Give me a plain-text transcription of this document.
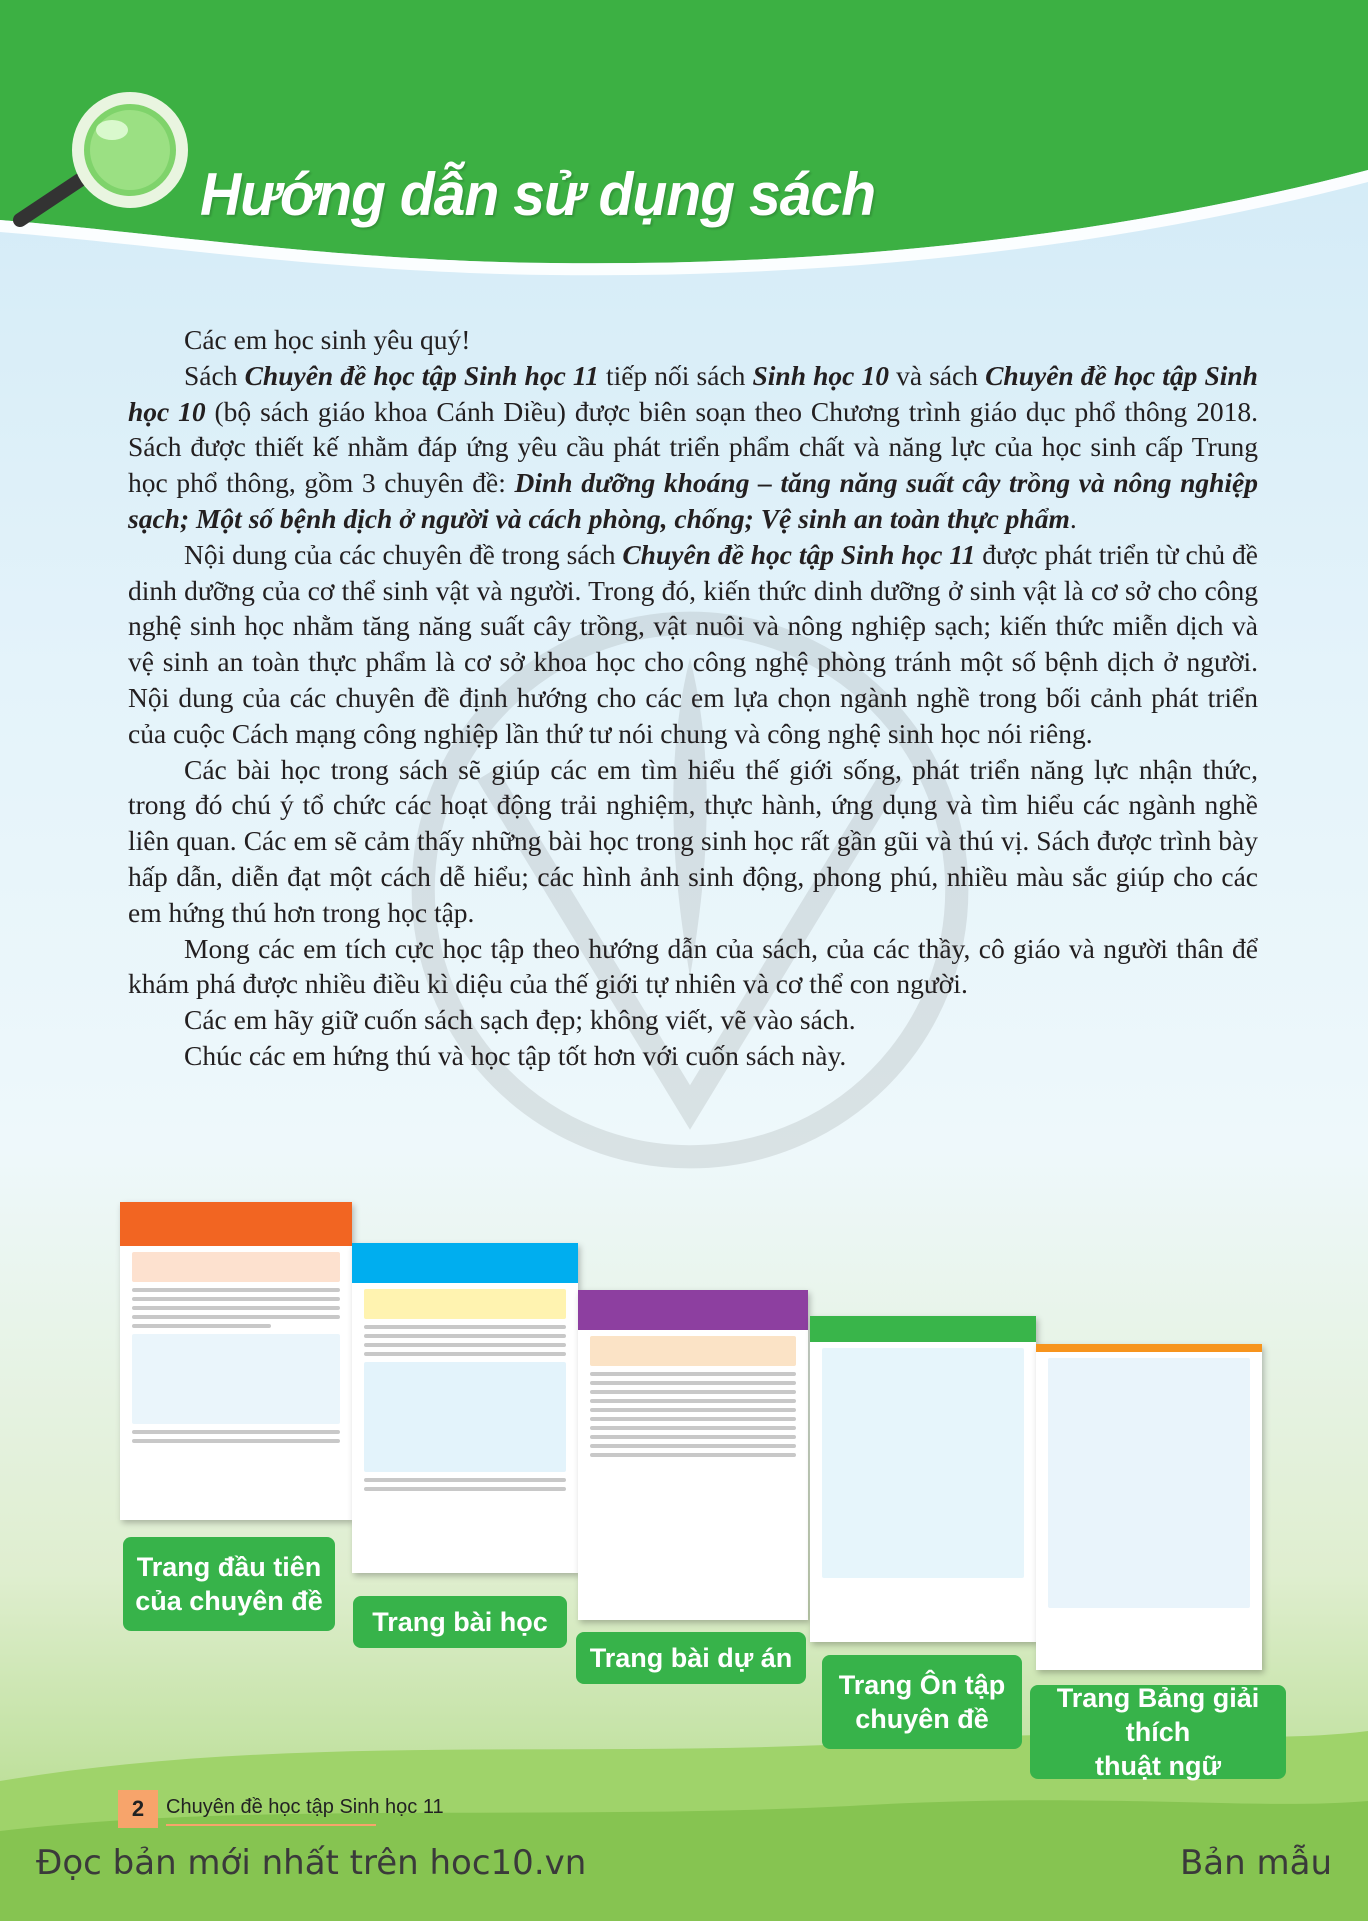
Hướng dẫn sử dụng sách

Các em học sinh yêu quý!

Sách Chuyên đề học tập Sinh học 11 tiếp nối sách Sinh học 10 và sách Chuyên đề học tập Sinh học 10 (bộ sách giáo khoa Cánh Diều) được biên soạn theo Chương trình giáo dục phổ thông 2018. Sách được thiết kế nhằm đáp ứng yêu cầu phát triển phẩm chất và năng lực của học sinh cấp Trung học phổ thông, gồm 3 chuyên đề: Dinh dưỡng khoáng – tăng năng suất cây trồng và nông nghiệp sạch; Một số bệnh dịch ở người và cách phòng, chống; Vệ sinh an toàn thực phẩm.

Nội dung của các chuyên đề trong sách Chuyên đề học tập Sinh học 11 được phát triển từ chủ đề dinh dưỡng của cơ thể sinh vật và người. Trong đó, kiến thức dinh dưỡng ở sinh vật là cơ sở cho công nghệ sinh học nhằm tăng năng suất cây trồng, vật nuôi và nông nghiệp sạch; kiến thức miễn dịch và vệ sinh an toàn thực phẩm là cơ sở khoa học cho công nghệ phòng tránh một số bệnh dịch ở người. Nội dung của các chuyên đề định hướng cho các em lựa chọn ngành nghề trong bối cảnh phát triển của cuộc Cách mạng công nghiệp lần thứ tư nói chung và công nghệ sinh học nói riêng.

Các bài học trong sách sẽ giúp các em tìm hiểu thế giới sống, phát triển năng lực nhận thức, trong đó chú ý tổ chức các hoạt động trải nghiệm, thực hành, ứng dụng và tìm hiểu các ngành nghề liên quan. Các em sẽ cảm thấy những bài học trong sinh học rất gần gũi và thú vị. Sách được trình bày hấp dẫn, diễn đạt một cách dễ hiểu; các hình ảnh sinh động, phong phú, nhiều màu sắc giúp cho các em hứng thú hơn trong học tập.

Mong các em tích cực học tập theo hướng dẫn của sách, của các thầy, cô giáo và người thân để khám phá được nhiều điều kì diệu của thế giới tự nhiên và cơ thể con người.

Các em hãy giữ cuốn sách sạch đẹp; không viết, vẽ vào sách.

Chúc các em hứng thú và học tập tốt hơn với cuốn sách này.

Trang đầu tiên
của chuyên đề
Trang bài học
Trang bài dự án
Trang Ôn tập
chuyên đề
Trang Bảng giải thích
thuật ngữ
2	Chuyên đề học tập Sinh học 11
Đọc bản mới nhất trên hoc10.vn	Bản mẫu
